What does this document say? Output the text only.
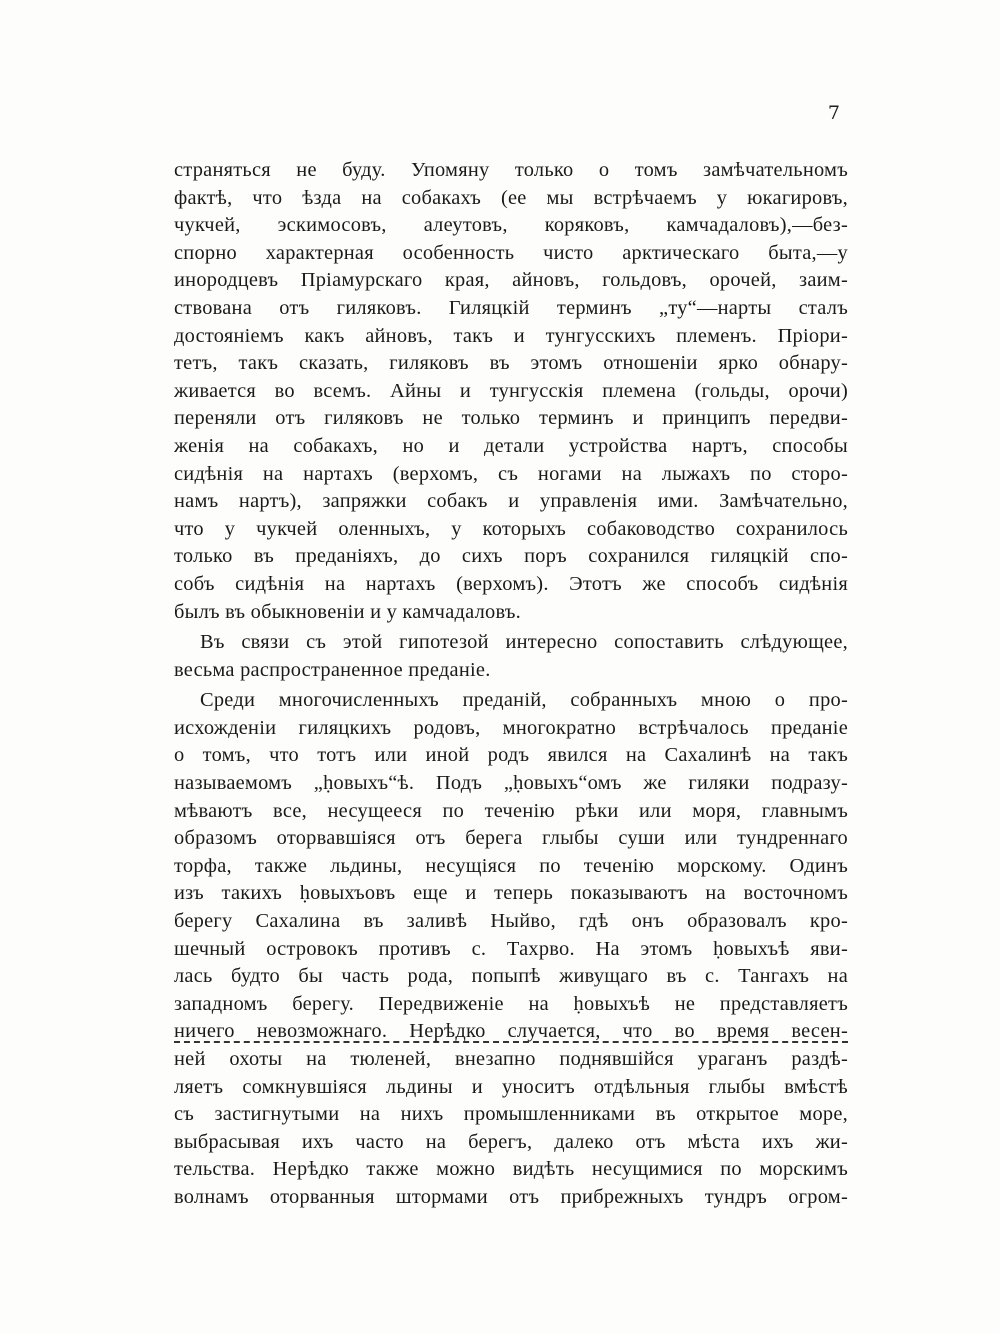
7
страняться не буду. Упомяну только о томъ замѣчательномъ
фактѣ, что ѣзда на собакахъ (ее мы встрѣчаемъ у юкагировъ,
чукчей, эскимосовъ, алеутовъ, коряковъ, камчадаловъ),—без-
спорно характерная особенность чисто арктическаго быта,—у
инородцевъ Пріамурскаго края, айновъ, гольдовъ, орочей, заим-
ствована отъ гиляковъ. Гиляцкій терминъ „ту“—нарты сталъ
достояніемъ какъ айновъ, такъ и тунгусскихъ племенъ. Пріори-
тетъ, такъ сказать, гиляковъ въ этомъ отношеніи ярко обнару-
живается во всемъ. Айны и тунгусскія племена (гольды, орочи)
переняли отъ гиляковъ не только терминъ и принципъ передви-
женія на собакахъ, но и детали устройства нартъ, способы
сидѣнія на нартахъ (верхомъ, съ ногами на лыжахъ по сторо-
намъ нартъ), запряжки собакъ и управленія ими. Замѣчательно,
что у чукчей оленныхъ, у которыхъ собаководство сохранилось
только въ преданіяхъ, до сихъ поръ сохранился гиляцкій спо-
собъ сидѣнія на нартахъ (верхомъ). Этотъ же способъ сидѣнія
былъ въ обыкновеніи и у камчадаловъ.
Въ связи съ этой гипотезой интересно сопоставить слѣдующее,
весьма распространенное преданіе.
Среди многочисленныхъ преданій, собранныхъ мною о про-
исхожденіи гиляцкихъ родовъ, многократно встрѣчалось преданіе
о томъ, что тотъ или иной родъ явился на Сахалинѣ на такъ
называемомъ „ḥовыхъ“ѣ. Подъ „ḥовыхъ“омъ же гиляки подразу-
мѣваютъ все, несущееся по теченію рѣки или моря, главнымъ
образомъ оторвавшіяся отъ берега глыбы суши или тундреннаго
торфа, также льдины, несущіяся по теченію морскому. Одинъ
изъ такихъ ḥовыхъовъ еще и теперь показываютъ на восточномъ
берегу Сахалина въ заливѣ Ныйво, гдѣ онъ образовалъ кро-
шечный островокъ противъ с. Тахрво. На этомъ ḥовыхъѣ яви-
лась будто бы часть рода, попыпѣ живущаго въ с. Тангахъ на
западномъ берегу. Передвиженіе на ḥовыхъѣ не представляетъ
ничего невозможнаго. Нерѣдко случается, что во время весен-
ней охоты на тюленей, внезапно поднявшійся ураганъ раздѣ-
ляетъ сомкнувшіяся льдины и уноситъ отдѣльныя глыбы вмѣстѣ
съ застигнутыми на нихъ промышленниками въ открытое море,
выбрасывая ихъ часто на берегъ, далеко отъ мѣста ихъ жи-
тельства. Нерѣдко также можно видѣть несущимися по морскимъ
волнамъ оторванныя штормами отъ прибрежныхъ тундръ огром-
